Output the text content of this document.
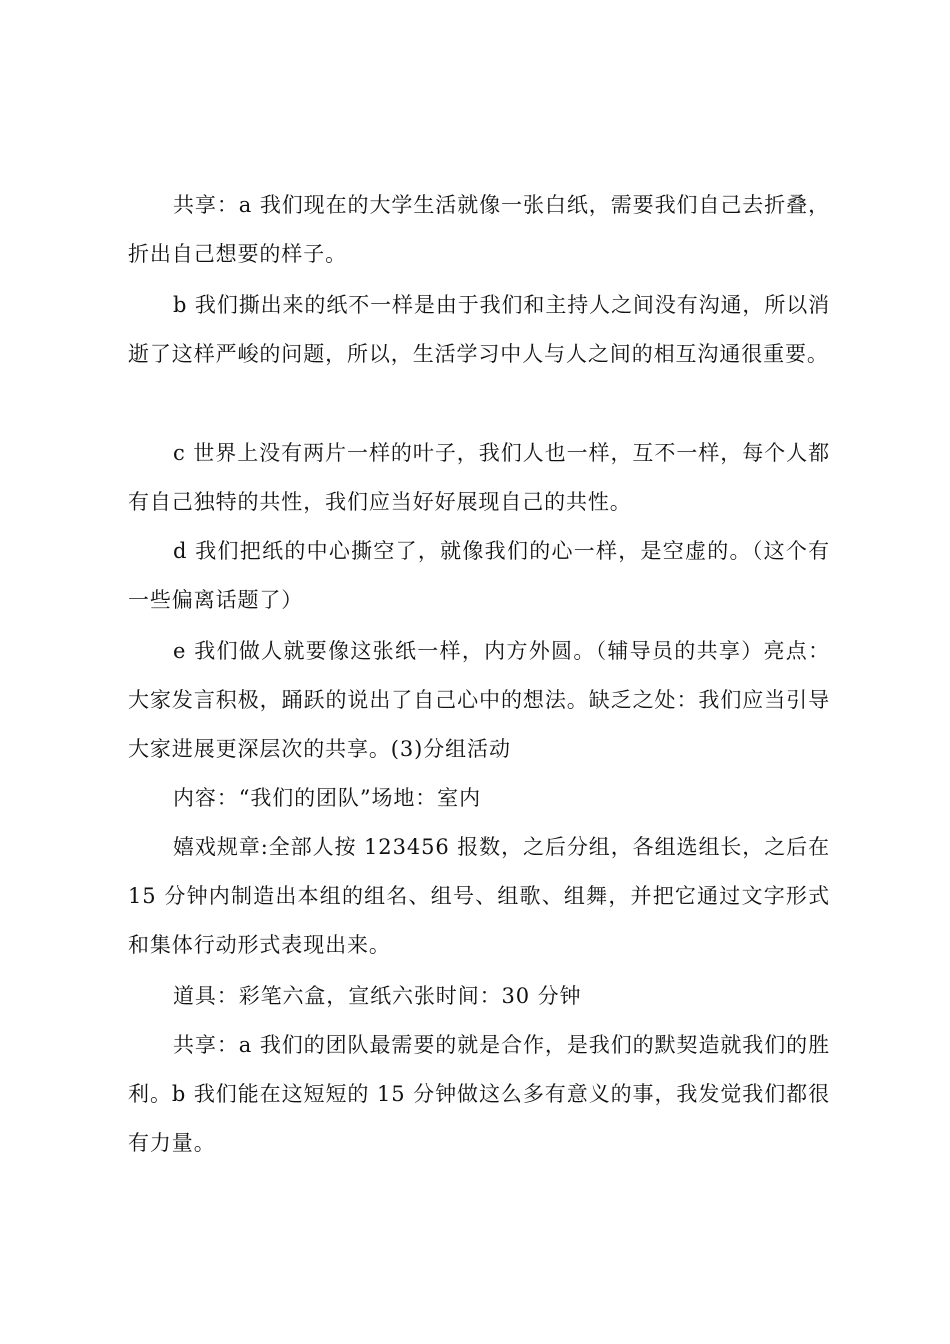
共享：a 我们现在的大学生活就像一张白纸，需要我们自己去折叠，折出自己想要的样子。

b 我们撕出来的纸不一样是由于我们和主持人之间没有沟通，所以消逝了这样严峻的问题，所以，生活学习中人与人之间的相互沟通很重要。

c 世界上没有两片一样的叶子，我们人也一样，互不一样，每个人都有自己独特的共性，我们应当好好展现自己的共性。

d 我们把纸的中心撕空了，就像我们的心一样，是空虚的。（这个有一些偏离话题了）

e 我们做人就要像这张纸一样，内方外圆。（辅导员的共享）亮点：大家发言积极，踊跃的说出了自己心中的想法。缺乏之处：我们应当引导大家进展更深层次的共享。(3)分组活动

内容：“我们的团队”场地：室内

嬉戏规章:全部人按 123456 报数，之后分组，各组选组长，之后在 15 分钟内制造出本组的组名、组号、组歌、组舞，并把它通过文字形式和集体行动形式表现出来。

道具：彩笔六盒，宣纸六张时间：30 分钟

共享：a 我们的团队最需要的就是合作，是我们的默契造就我们的胜利。b 我们能在这短短的 15 分钟做这么多有意义的事，我发觉我们都很有力量。
